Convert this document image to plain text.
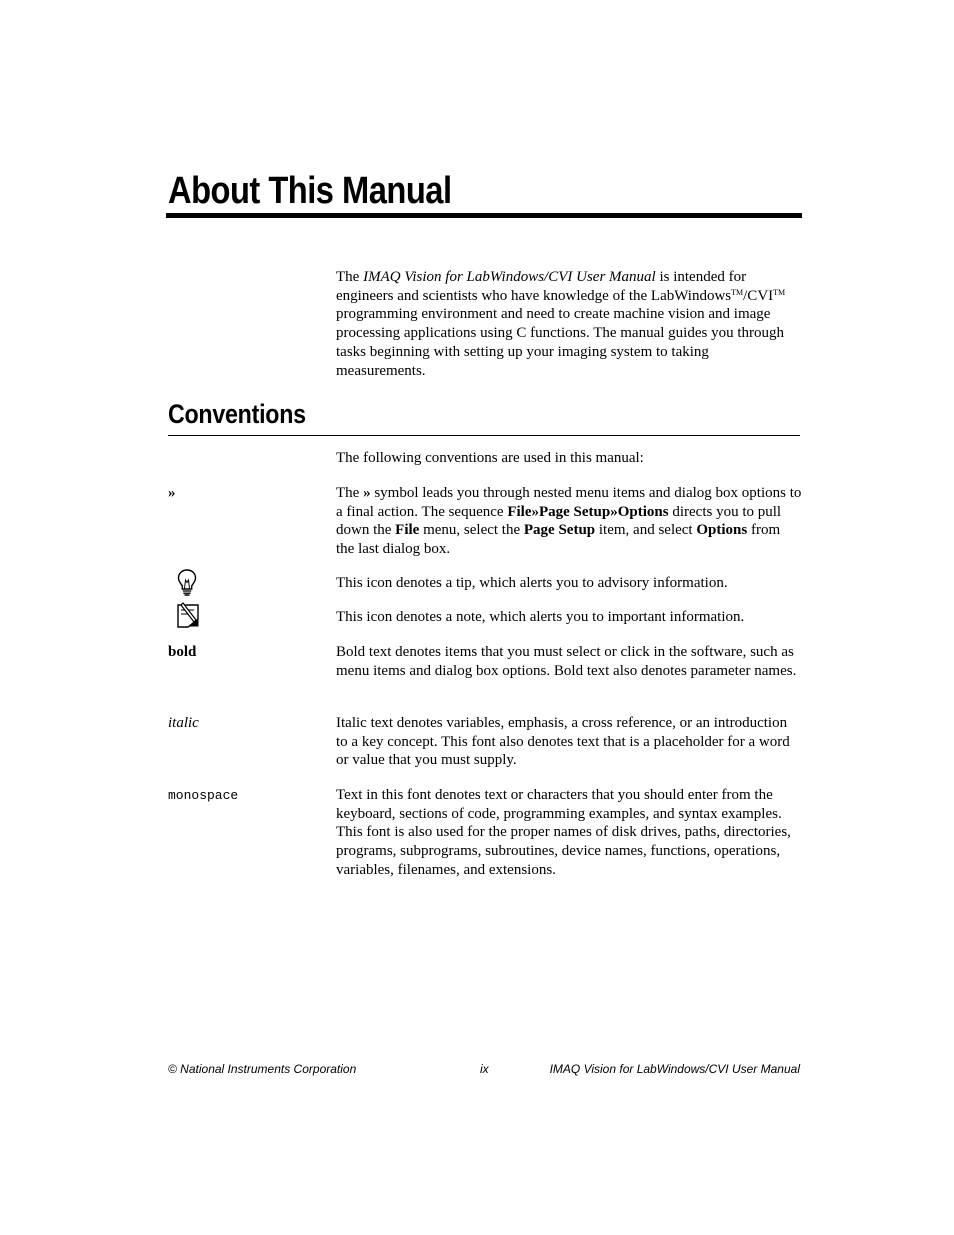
About This Manual

The IMAQ Vision for LabWindows/CVI User Manual is intended for engineers and scientists who have knowledge of the LabWindows™/CVI™ programming environment and need to create machine vision and image processing applications using C functions. The manual guides you through tasks beginning with setting up your imaging system to taking measurements.

Conventions

The following conventions are used in this manual:

»	The » symbol leads you through nested menu items and dialog box options to a final action. The sequence File»Page Setup»Options directs you to pull down the File menu, select the Page Setup item, and select Options from the last dialog box.

This icon denotes a tip, which alerts you to advisory information.

This icon denotes a note, which alerts you to important information.

bold	Bold text denotes items that you must select or click in the software, such as menu items and dialog box options. Bold text also denotes parameter names.

italic	Italic text denotes variables, emphasis, a cross reference, or an introduction to a key concept. This font also denotes text that is a placeholder for a word or value that you must supply.

monospace	Text in this font denotes text or characters that you should enter from the keyboard, sections of code, programming examples, and syntax examples. This font is also used for the proper names of disk drives, paths, directories, programs, subprograms, subroutines, device names, functions, operations, variables, filenames, and extensions.

© National Instruments Corporation	ix	IMAQ Vision for LabWindows/CVI User Manual
